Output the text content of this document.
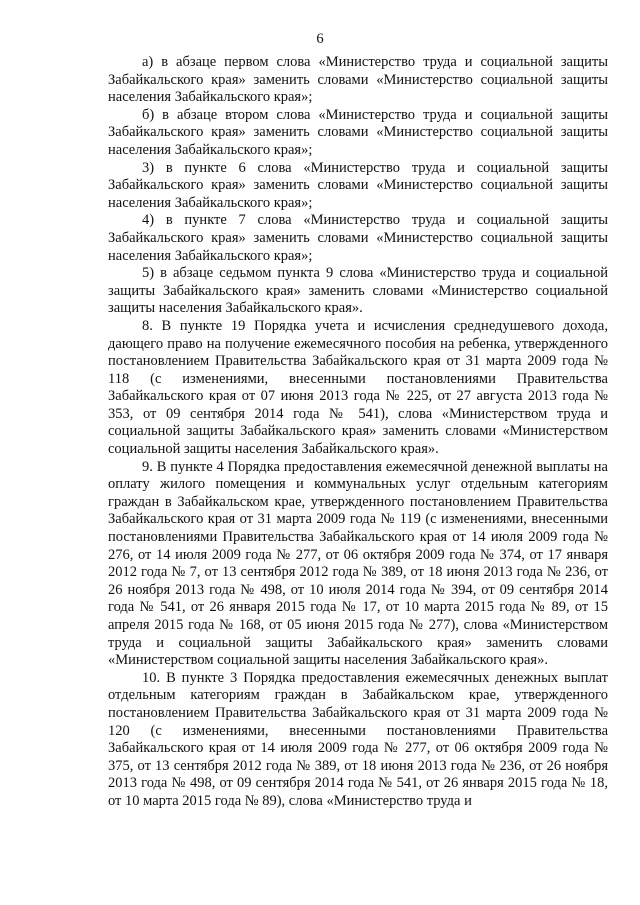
6

а) в абзаце первом слова «Министерство труда и социальной защиты Забайкальского края» заменить словами «Министерство социальной защиты населения Забайкальского края»;

б) в абзаце втором слова «Министерство труда и социальной защиты Забайкальского края» заменить словами «Министерство социальной защиты населения Забайкальского края»;

3) в пункте 6 слова «Министерство труда и социальной защиты Забайкальского края» заменить словами «Министерство социальной защиты населения Забайкальского края»;

4) в пункте 7 слова «Министерство труда и социальной защиты Забайкальского края» заменить словами «Министерство социальной защиты населения Забайкальского края»;

5) в абзаце седьмом пункта 9 слова «Министерство труда и социальной защиты Забайкальского края» заменить словами «Министерство социальной защиты населения Забайкальского края».

8. В пункте 19 Порядка учета и исчисления среднедушевого дохода, дающего право на получение ежемесячного пособия на ребенка, утвержденного постановлением Правительства Забайкальского края от 31 марта 2009 года № 118 (с изменениями, внесенными постановлениями Правительства Забайкальского края от 07 июня 2013 года № 225, от 27 августа 2013 года № 353, от 09 сентября 2014 года № 541), слова «Министерством труда и социальной защиты Забайкальского края» заменить словами «Министерством социальной защиты населения Забайкальского края».

9. В пункте 4 Порядка предоставления ежемесячной денежной выплаты на оплату жилого помещения и коммунальных услуг отдельным категориям граждан в Забайкальском крае, утвержденного постановлением Правительства Забайкальского края от 31 марта 2009 года № 119 (с изменениями, внесенными постановлениями Правительства Забайкальского края от 14 июля 2009 года № 276, от 14 июля 2009 года № 277, от 06 октября 2009 года № 374, от 17 января 2012 года № 7, от 13 сентября 2012 года № 389, от 18 июня 2013 года № 236, от 26 ноября 2013 года № 498, от 10 июля 2014 года № 394, от 09 сентября 2014 года № 541, от 26 января 2015 года № 17, от 10 марта 2015 года № 89, от 15 апреля 2015 года № 168, от 05 июня 2015 года № 277), слова «Министерством труда и социальной защиты Забайкальского края» заменить словами «Министерством социальной защиты населения Забайкальского края».

10. В пункте 3 Порядка предоставления ежемесячных денежных выплат отдельным категориям граждан в Забайкальском крае, утвержденного постановлением Правительства Забайкальского края от 31 марта 2009 года № 120 (с изменениями, внесенными постановлениями Правительства Забайкальского края от 14 июля 2009 года № 277, от 06 октября 2009 года № 375, от 13 сентября 2012 года № 389, от 18 июня 2013 года № 236, от 26 ноября 2013 года № 498, от 09 сентября 2014 года № 541, от 26 января 2015 года № 18, от 10 марта 2015 года № 89), слова «Министерство труда и
